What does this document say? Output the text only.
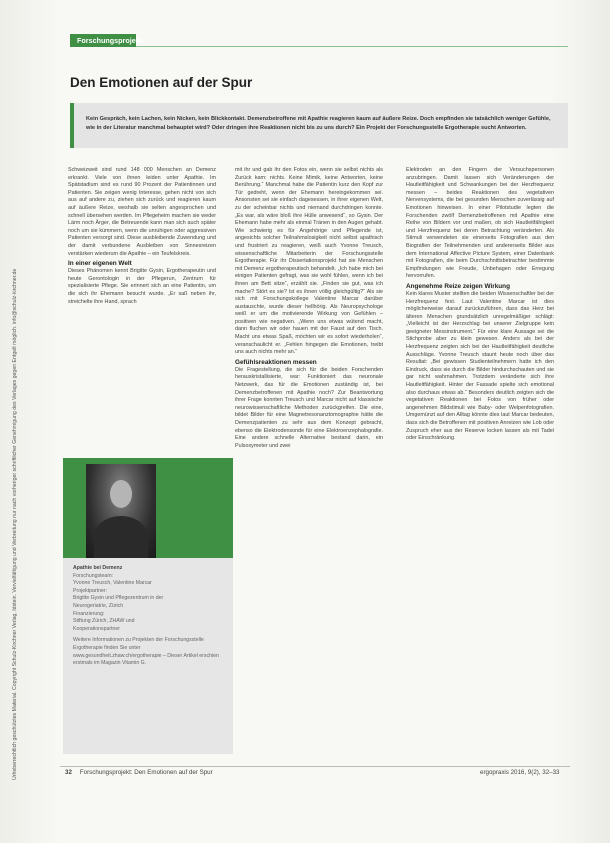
Urheberrechtlich geschütztes Material. Copyright Schulz-Kirchner Verlag, Idstein. Vervielfältigung und Verbreitung nur nach vorheriger schriftlicher Genehmigung des Verlages gegen Entgelt möglich. info@schulz-kirchner.de
Forschungsprojekt
Den Emotionen auf der Spur

Kein Gespräch, kein Lachen, kein Nicken, kein Blickkontakt. Demenzbetroffene mit Apathie reagieren kaum auf äußere Reize. Doch empfinden sie tatsächlich weniger Gefühle, wie in der Literatur manchmal behauptet wird? Oder dringen ihre Reaktionen nicht bis zu uns durch? Ein Projekt der Forschungsstelle Ergotherapie sucht Antworten.

Schweizweit sind rund 148 000 Menschen an Demenz erkrankt. Viele von ihnen leiden unter Apathie. Im Spätstadium sind es rund 90 Prozent der Patientinnen und Patienten. Sie zeigen wenig Interesse, gehen nicht von sich aus auf andere zu, ziehen sich zurück und reagieren kaum auf äußere Reize, weshalb sie selten angesprochen und schnell übersehen werden. Im Pflegeheim machen sie weder Lärm noch Ärger, die Betreuende kann man sich auch später noch um sie kümmern, wenn die unruhigen oder aggressiven Patienten versorgt sind. Diese ausbleibende Zuwendung und der damit verbundene Ausbleiben von Sinnesreizen verstärken wiederum die Apathie – ein Teufelskreis.

In einer eigenen Welt

Dieses Phänomen kennt Brigitte Gysin, Ergotherapeutin und heute Gerontologin in der Pflegerun, Zentrum für spezialisierte Pflege. Sie erinnert sich an eine Patientin, um die sich ihr Ehemann besucht wurde. „Er saß neben ihr, streichelte ihre Hand, sprach

mit ihr und gab ihr den Fotos ein, wenn sie selbst nichts als Zurück kam: nichts. Keine Mimik, keine Antworten, keine Berührung.“ Manchmal habe die Patientin kurz den Kopf zur Tür gedreht, wenn der Ehemann hereingekommen sei. Ansonsten sei sie einfach dagesessen, in ihrer eigenen Welt, zu der scheinbar nichts und niemand durchdringen konnte. „Es war, als wäre bloß ihre Hülle anwesend“, so Gysin. Der Ehemann habe mehr als einmal Tränen in den Augen gehabt. Wie schwierig es für Angehörige und Pflegende ist, angesichts solcher Teilnahmslosigkeit nicht selbst apathisch und frustriert zu reagieren, weiß auch Yvonne Treusch, wissenschaftliche Mitarbeiterin der Forschungsstelle Ergotherapie. Für ihr Dissertationsprojekt hat sie Menschen mit Demenz ergotherapeutisch behandelt. „Ich habe mich bei einigen Patienten gefragt, was sie wohl fühlen, wenn ich bei ihnen am Bett sitze“, erzählt sie. „Finden sie gut, was ich mache? Stört es sie? Ist es ihnen völlig gleichgültig?“ Als sie sich mit Forschungskollege Valentine Marcar darüber austauschte, wurde dieser hellhörig. Als Neuropsychologe weiß er um die motivierende Wirkung von Gefühlen – positiven wie negativen. „Wenn uns etwas wütend macht, dann fluchen wir oder hauen mit der Faust auf den Tisch. Macht uns etwas Spaß, möchten wir es sofort wiederholen“, veranschaulicht er. „Fehlen hingegen die Emotionen, treibt uns auch nichts mehr an.“

Gefühlsreaktionen messen

Die Fragestellung, die sich für die beiden Forschenden herauskristallisierte, war: Funktioniert das neuronale Netzwerk, das für die Emotionen zuständig ist, bei Demenzbetroffenen mit Apathie noch? Zur Beantwortung ihrer Frage konnten Treusch und Marcar nicht auf klassische neurowissenschaftliche Methoden zurückgreifen. Die eine, bildet Bilder für eine Magnetresonanztomographie hätte die Demenzpatienten zu sehr aus dem Konzept gebracht, ebenso die Elektrodensonde für eine Elektroenzephalografie. Eine andere schnelle Alternative bestand darin, ein Pulsoxymeter und zwei

Elektroden an den Fingern der Versuchspersonen anzubringen. Damit lassen sich Veränderungen der Hautleitfähigkeit und Schwankungen bei der Herzfrequenz messen – beides Reaktionen des vegetativen Nervensystems, die bei gesunden Menschen zuverlässig auf Emotionen hinweisen. In einer Pilotstudie legten die Forschenden zwölf Demenzbetroffenen mit Apathie eine Reihe von Bildern vor und maßen, ob sich Hautleitfähigkeit und Herzfrequenz bei deren Betrachtung veränderten. Als Stimuli verwendeten sie einerseits Fotografien aus den Biografien der Teilnehmenden und andererseits Bilder aus dem International Affective Picture System, einer Datenbank mit Fotografien, die beim Durchschnittsbetrachter bestimmte Empfindungen wie Freude, Unbehagen oder Erregung hervorrufen.

Angenehme Reize zeigen Wirkung

Kein klares Muster stellten die beiden Wissenschaftler bei der Herzfrequenz fest. Laut Valentine Marcar ist dies möglicherweise darauf zurückzuführen, dass das Herz bei älteren Menschen grundsätzlich unregelmäßiger schlägt: „Vielleicht ist der Herzschlag bei unserer Zielgruppe kein geeigneter Messinstrument.“ Für eine klare Aussage sei die Stichprobe aber zu klein gewesen. Anders als bei der Herzfrequenz zeigten sich bei der Hautleitfähigkeit deutliche Ausschläge. Yvonne Treusch staunt heute noch über das Resultat: „Bei gewissen Studienteilnehmern hatte ich den Eindruck, dass sie durch die Bilder hindurchschauten und sie gar nicht wahrnahmen. Trotzdem veränderte sich ihre Hautleitfähigkeit. Hinter der Fassade spielte sich emotional also durchaus etwas ab.“ Besonders deutlich zeigten sich die vegetativen Reaktionen bei Fotos von früher oder angenehmen Bildstimuli wie Baby- oder Welpenfotografien. Umgemünzt auf den Alltag könnte dies laut Marcar bedeuten, dass sich die Betroffenen mit positiven Anreizen wie Lob oder Zuspruch eher aus der Reserve locken lassen als mit Tadel oder Einschränkung.

Apathie bei Demenz
Forschungsteam:
Yvonne Treusch, Valentine Marcar
Projektpartner:
Brigitte Gysin und Pflegezentrum in der
Neurogeriatrie, Zürich
Finanzierung:
Stiftung Zürich, ZHAW und
Kooperationspartner
Weitere Informationen zu Projekten der Forschungsstelle Ergotherapie finden Sie unter www.gesundheit.zhaw.ch/ergotherapie – Dieser Artikel erschien erstmals im Magazin Vitamin G.
32 Forschungsprojekt: Den Emotionen auf der Spur	ergopraxis 2016, 9(2), 32–33
